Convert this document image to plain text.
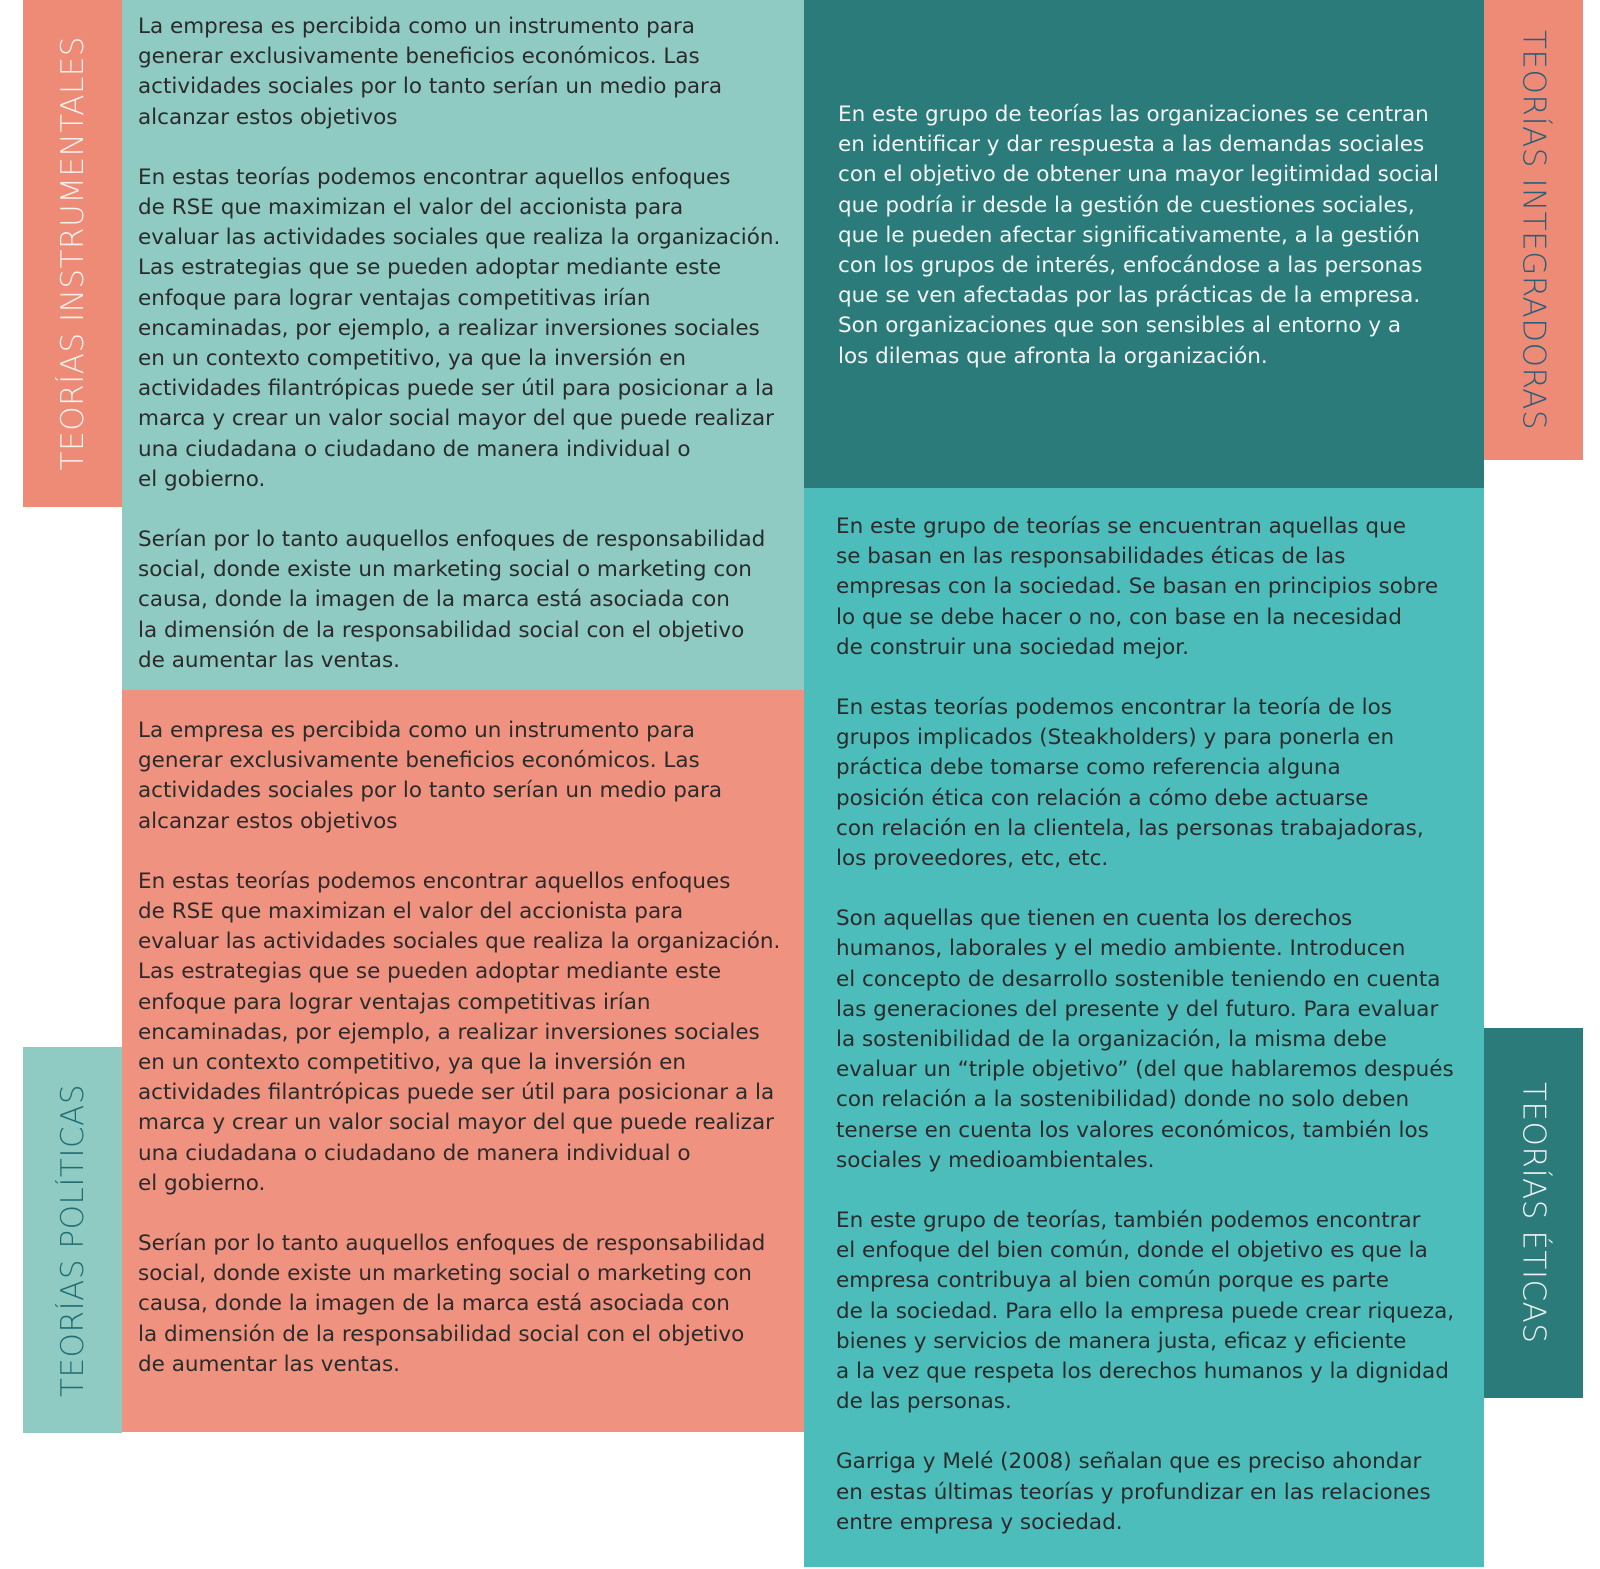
TEORÍAS INSTRUMENTALES

La empresa es percibida como un instrumento para
generar exclusivamente beneficios económicos. Las
actividades sociales por lo tanto serían un medio para
alcanzar estos objetivos

En estas teorías podemos encontrar aquellos enfoques
de RSE que maximizan el valor del accionista para
evaluar las actividades sociales que realiza la organización.
Las estrategias que se pueden adoptar mediante este
enfoque para lograr ventajas competitivas irían
encaminadas, por ejemplo, a realizar inversiones sociales
en un contexto competitivo, ya que la inversión en
actividades filantrópicas puede ser útil para posicionar a la
marca y crear un valor social mayor del que puede realizar
una ciudadana o ciudadano de manera individual o
el gobierno.

Serían por lo tanto auquellos enfoques de responsabilidad
social, donde existe un marketing social o marketing con
causa, donde la imagen de la marca está asociada con
la dimensión de la responsabilidad social con el objetivo
de aumentar las ventas.

La empresa es percibida como un instrumento para
generar exclusivamente beneficios económicos. Las
actividades sociales por lo tanto serían un medio para
alcanzar estos objetivos

En estas teorías podemos encontrar aquellos enfoques
de RSE que maximizan el valor del accionista para
evaluar las actividades sociales que realiza la organización.
Las estrategias que se pueden adoptar mediante este
enfoque para lograr ventajas competitivas irían
encaminadas, por ejemplo, a realizar inversiones sociales
en un contexto competitivo, ya que la inversión en
actividades filantrópicas puede ser útil para posicionar a la
marca y crear un valor social mayor del que puede realizar
una ciudadana o ciudadano de manera individual o
el gobierno.

Serían por lo tanto auquellos enfoques de responsabilidad
social, donde existe un marketing social o marketing con
causa, donde la imagen de la marca está asociada con
la dimensión de la responsabilidad social con el objetivo
de aumentar las ventas.

TEORÍAS POLÍTICAS

En este grupo de teorías las organizaciones se centran
en identificar y dar respuesta a las demandas sociales
con el objetivo de obtener una mayor legitimidad social
que podría ir desde la gestión de cuestiones sociales,
que le pueden afectar significativamente, a la gestión
con los grupos de interés, enfocándose a las personas
que se ven afectadas por las prácticas de la empresa.
Son organizaciones que son sensibles al entorno y a
los dilemas que afronta la organización.	TEORÍAS INTEGRADORAS

En este grupo de teorías se encuentran aquellas que
se basan en las responsabilidades éticas de las
empresas con la sociedad. Se basan en principios sobre
lo que se debe hacer o no, con base en la necesidad
de construir una sociedad mejor.

En estas teorías podemos encontrar la teoría de los
grupos implicados (Steakholders) y para ponerla en
práctica debe tomarse como referencia alguna
posición ética con relación a cómo debe actuarse
con relación en la clientela, las personas trabajadoras,
los proveedores, etc, etc.

Son aquellas que tienen en cuenta los derechos
humanos, laborales y el medio ambiente. Introducen
el concepto de desarrollo sostenible teniendo en cuenta
las generaciones del presente y del futuro. Para evaluar
la sostenibilidad de la organización, la misma debe
evaluar un “triple objetivo” (del que hablaremos después
con relación a la sostenibilidad) donde no solo deben
tenerse en cuenta los valores económicos, también los
sociales y medioambientales.

En este grupo de teorías, también podemos encontrar
el enfoque del bien común, donde el objetivo es que la
empresa contribuya al bien común porque es parte
de la sociedad. Para ello la empresa puede crear riqueza,
bienes y servicios de manera justa, eficaz y eficiente
a la vez que respeta los derechos humanos y la dignidad
de las personas.

Garriga y Melé (2008) señalan que es preciso ahondar
en estas últimas teorías y profundizar en las relaciones
entre empresa y sociedad.

TEORÍAS ÉTICAS
